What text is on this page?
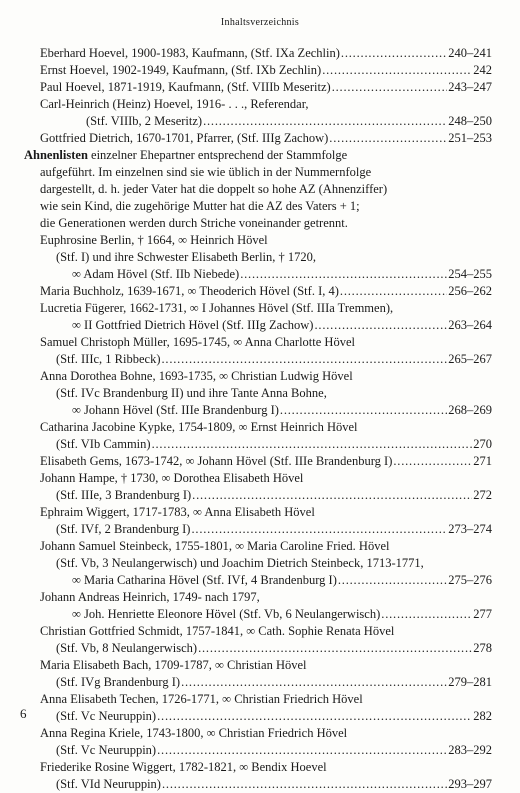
Inhaltsverzeichnis
Eberhard Hoevel, 1900-1983, Kaufmann, (Stf. IXa Zechlin) .....	240–241
Ernst Hoevel, 1902-1949, Kaufmann, (Stf. IXb Zechlin) .....	242
Paul Hoevel, 1871-1919, Kaufmann, (Stf. VIIIb Meseritz) .....	243–247
Carl-Heinrich (Heinz) Hoevel, 1916- . . ., Referendar,
(Stf. VIIIb, 2 Meseritz) .....	248–250
Gottfried Dietrich, 1670-1701, Pfarrer, (Stf. IIIg Zachow) .....	251–253
Ahnenlisten einzelner Ehepartner entsprechend der Stammfolge
aufgeführt. Im einzelnen sind sie wie üblich in der Nummernfolge
dargestellt, d. h. jeder Vater hat die doppelt so hohe AZ (Ahnenziffer)
wie sein Kind, die zugehörige Mutter hat die AZ des Vaters + 1;
die Generationen werden durch Striche voneinander getrennt.
Euphrosine Berlin, † 1664, ∞ Heinrich Hövel
(Stf. I) und ihre Schwester Elisabeth Berlin, † 1720,
∞ Adam Hövel (Stf. IIb Niebede) .....	254–255
Maria Buchholz, 1639-1671, ∞ Theoderich Hövel (Stf. I, 4) .....	256–262
Lucretia Fügerer, 1662-1731, ∞ I Johannes Hövel (Stf. IIIa Tremmen),
∞ II Gottfried Dietrich Hövel (Stf. IIIg Zachow) .....	263–264
Samuel Christoph Müller, 1695-1745, ∞ Anna Charlotte Hövel
(Stf. IIIc, 1 Ribbeck) .....	265–267
Anna Dorothea Bohne, 1693-1735, ∞ Christian Ludwig Hövel
(Stf. IVc Brandenburg II) und ihre Tante Anna Bohne,
∞ Johann Hövel (Stf. IIIe Brandenburg I) .....	268–269
Catharina Jacobine Kypke, 1754-1809, ∞ Ernst Heinrich Hövel
(Stf. VIb Cammin) .....	270
Elisabeth Gems, 1673-1742, ∞ Johann Hövel (Stf. IIIe Brandenburg I) .....	271
Johann Hampe, † 1730, ∞ Dorothea Elisabeth Hövel
(Stf. IIIe, 3 Brandenburg I) .....	272
Ephraim Wiggert, 1717-1783, ∞ Anna Elisabeth Hövel
(Stf. IVf, 2 Brandenburg I) .....	273–274
Johann Samuel Steinbeck, 1755-1801, ∞ Maria Caroline Fried. Hövel
(Stf. Vb, 3 Neulangerwisch) und Joachim Dietrich Steinbeck, 1713-1771,
∞ Maria Catharina Hövel (Stf. IVf, 4 Brandenburg I) .....	275–276
Johann Andreas Heinrich, 1749- nach 1797,
∞ Joh. Henriette Eleonore Hövel (Stf. Vb, 6 Neulangerwisch) .....	277
Christian Gottfried Schmidt, 1757-1841, ∞ Cath. Sophie Renata Hövel
(Stf. Vb, 8 Neulangerwisch) .....	278
Maria Elisabeth Bach, 1709-1787, ∞ Christian Hövel
(Stf. IVg Brandenburg I) .....	279–281
Anna Elisabeth Techen, 1726-1771, ∞ Christian Friedrich Hövel
(Stf. Vc Neuruppin) .....	282
Anna Regina Kriele, 1743-1800, ∞ Christian Friedrich Hövel
(Stf. Vc Neuruppin) .....	283–292
Friederike Rosine Wiggert, 1782-1821, ∞ Bendix Hoevel
(Stf. VId Neuruppin) .....	293–297
6
